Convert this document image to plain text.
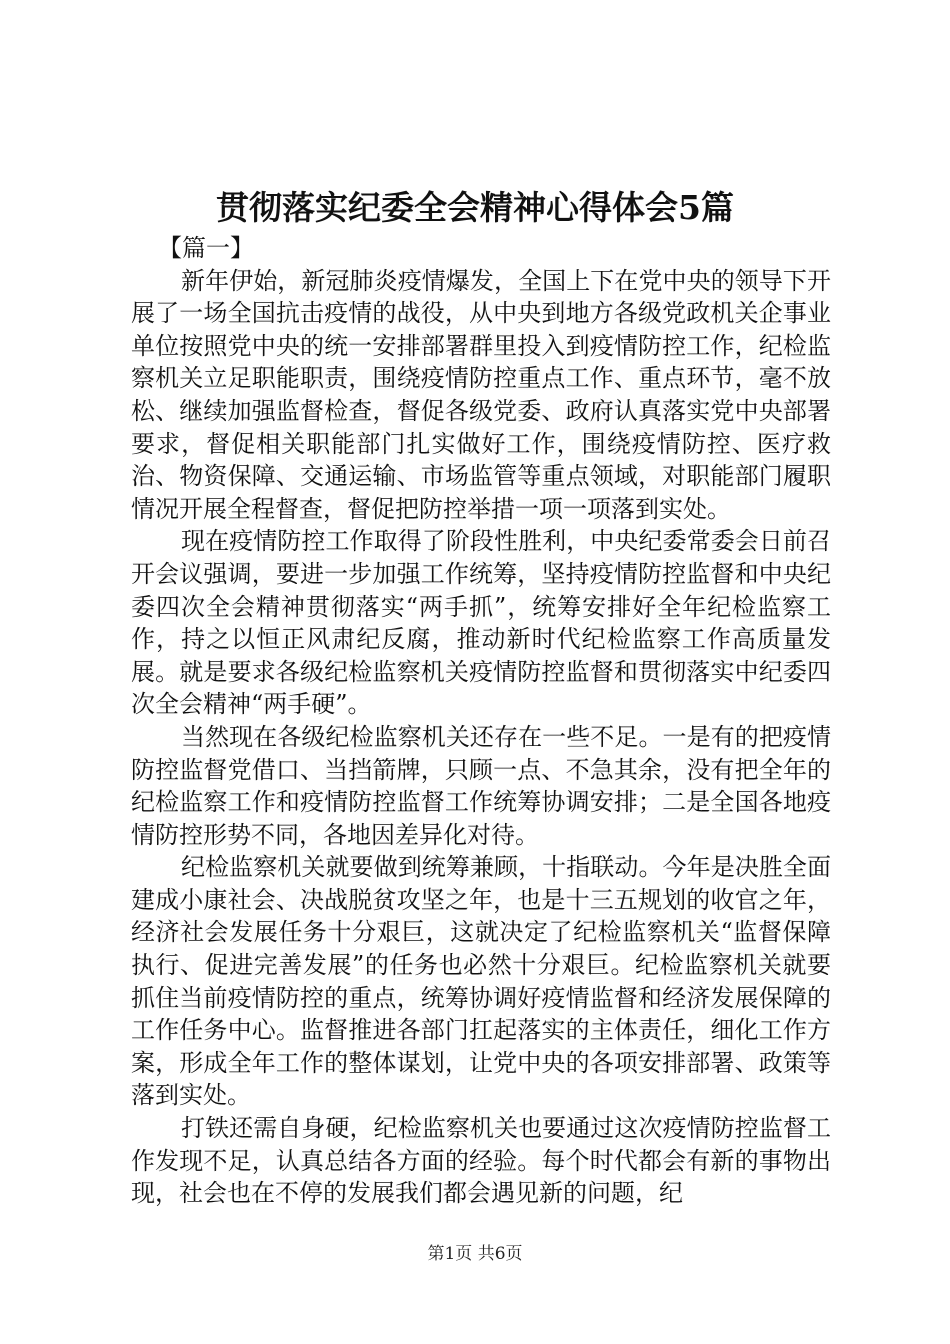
贯彻落实纪委全会精神心得体会5篇
【篇一】

新年伊始，新冠肺炎疫情爆发，全国上下在党中央的领导下开展了一场全国抗击疫情的战役，从中央到地方各级党政机关企事业单位按照党中央的统一安排部署群里投入到疫情防控工作，纪检监察机关立足职能职责，围绕疫情防控重点工作、重点环节，毫不放松、继续加强监督检查，督促各级党委、政府认真落实党中央部署要求，督促相关职能部门扎实做好工作，围绕疫情防控、医疗救治、物资保障、交通运输、市场监管等重点领域，对职能部门履职情况开展全程督查，督促把防控举措一项一项落到实处。

现在疫情防控工作取得了阶段性胜利，中央纪委常委会日前召开会议强调，要进一步加强工作统筹，坚持疫情防控监督和中央纪委四次全会精神贯彻落实“两手抓”，统筹安排好全年纪检监察工作，持之以恒正风肃纪反腐，推动新时代纪检监察工作高质量发展。就是要求各级纪检监察机关疫情防控监督和贯彻落实中纪委四次全会精神“两手硬”。

当然现在各级纪检监察机关还存在一些不足。一是有的把疫情防控监督党借口、当挡箭牌，只顾一点、不急其余，没有把全年的纪检监察工作和疫情防控监督工作统筹协调安排；二是全国各地疫情防控形势不同，各地因差异化对待。

纪检监察机关就要做到统筹兼顾，十指联动。今年是决胜全面建成小康社会、决战脱贫攻坚之年，也是十三五规划的收官之年，经济社会发展任务十分艰巨，这就决定了纪检监察机关“监督保障执行、促进完善发展”的任务也必然十分艰巨。纪检监察机关就要抓住当前疫情防控的重点，统筹协调好疫情监督和经济发展保障的工作任务中心。监督推进各部门扛起落实的主体责任，细化工作方案，形成全年工作的整体谋划，让党中央的各项安排部署、政策等落到实处。

打铁还需自身硬，纪检监察机关也要通过这次疫情防控监督工作发现不足，认真总结各方面的经验。每个时代都会有新的事物出现，社会也在不停的发展我们都会遇见新的问题，纪

第1页 共6页
